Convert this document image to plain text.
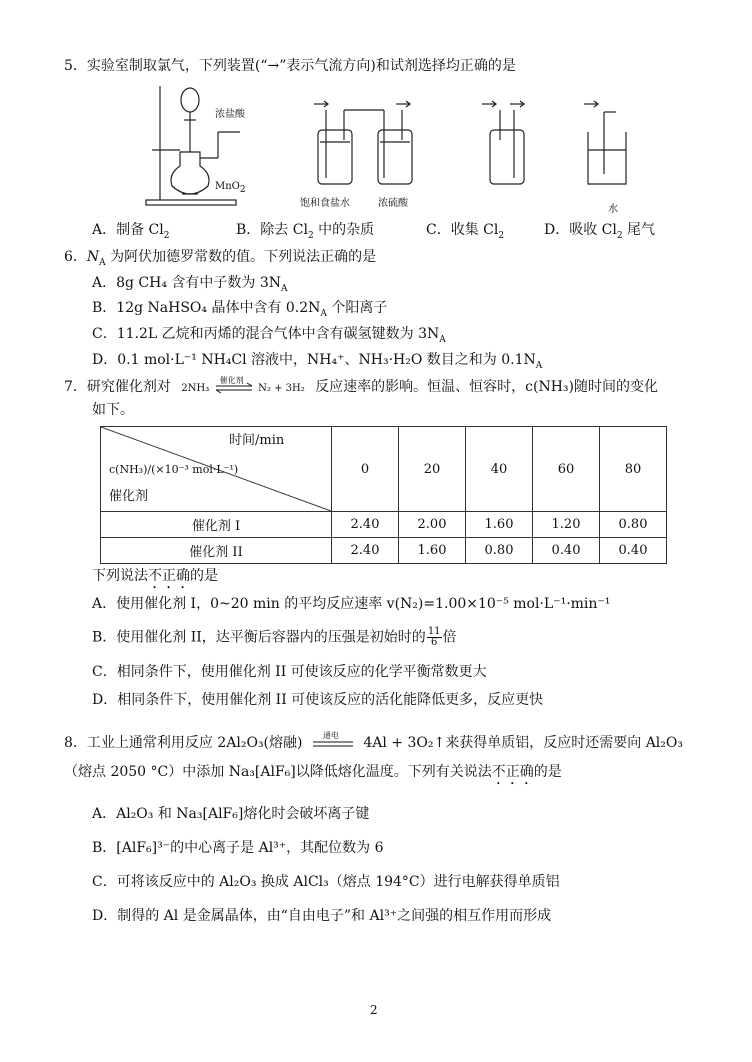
5．实验室制取氯气，下列装置(“→”表示气流方向)和试剂选择均正确的是
浓盐酸
MnO$_2$
饱和食盐水	浓硫酸
水
A．制备 $Cl_2$	B．除去 $Cl_2$ 中的杂质	C．收集 $Cl_2$	D．吸收 $Cl_2$ 尾气
6．$N_A$ 为阿伏加德罗常数的值。下列说法正确的是
A．8g CH₄ 含有中子数为 $3N_A$
B．12g NaHSO₄ 晶体中含有 $0.2N_A$ 个阳离子
C．11.2L 乙烷和丙烯的混合气体中含有碳氢键数为 $3N_A$
D．0.1 mol·L⁻¹ NH₄Cl 溶液中，NH₄⁺、NH₃·H₂O 数目之和为 $0.1N_A$
7．研究催化剂对 2NH₃
催化剂
N₂ + 3H₂ 反应速率的影响。恒温、恒容时，c(NH₃)随时间的变化
如下。
时间/min
c(NH₃)/(×10⁻³ mol·L⁻¹)
催化剂	0	20	40	60	80
催化剂 I	2.40	2.00	1.60	1.20	0.80
催化剂 II	2.40	1.60	0.80	0.40	0.40
下列说法不正确的是
A．使用催化剂 I，0~20 min 的平均反应速率 v(N₂)=1.00×10⁻⁵ mol·L⁻¹·min⁻¹
B．使用催化剂 II，达平衡后容器内的压强是初始时的 $\frac{11}{6}$ 倍
C．相同条件下，使用催化剂 II 可使该反应的化学平衡常数更大
D．相同条件下，使用催化剂 II 可使该反应的活化能降低更多，反应更快
8．工业上通常利用反应 2Al₂O₃(熔融)	通电 4Al + 3O₂↑来获得单质铝，反应时还需要向 Al₂O₃
（熔点 2050 °C）中添加 Na₃[AlF₆]以降低熔化温度。下列有关说法不正确的是
A．Al₂O₃ 和 Na₃[AlF₆]熔化时会破坏离子键
B．[AlF₆]³⁻的中心离子是 Al³⁺，其配位数为 6
C．可将该反应中的 Al₂O₃ 换成 AlCl₃（熔点 194°C）进行电解获得单质铝
D．制得的 Al 是金属晶体，由“自由电子”和 Al³⁺之间强的相互作用而形成
2
